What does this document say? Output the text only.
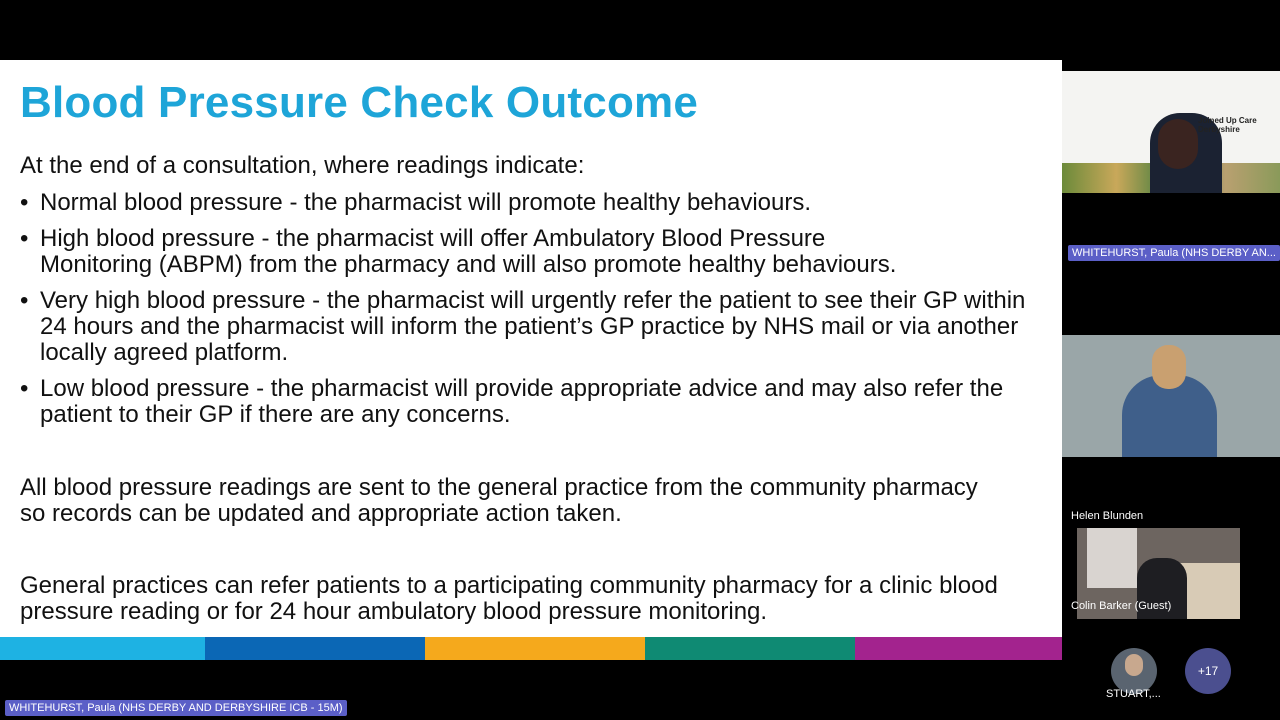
Blood Pressure Check Outcome
At the end of a consultation, where readings indicate:
• Normal blood pressure - the pharmacist will promote healthy behaviours.
• High blood pressure - the pharmacist will offer Ambulatory Blood Pressure Monitoring (ABPM) from the pharmacy and will also promote healthy behaviours.
• Very high blood pressure - the pharmacist will urgently refer the patient to see their GP within 24 hours and the pharmacist will inform the patient’s GP practice by NHS mail or via another locally agreed platform.
• Low blood pressure - the pharmacist will provide appropriate advice and may also refer the patient to their GP if there are any concerns.
All blood pressure readings are sent to the general practice from the community pharmacy so records can be updated and appropriate action taken.
General practices can refer patients to a participating community pharmacy for a clinic blood pressure reading or for 24 hour ambulatory blood pressure monitoring.
Joined Up Care Derbyshire
WHITEHURST, Paula (NHS DERBY AN...
Helen Blunden
Colin Barker (Guest)
STUART,...
+17
WHITEHURST, Paula (NHS DERBY AND DERBYSHIRE ICB - 15M)
